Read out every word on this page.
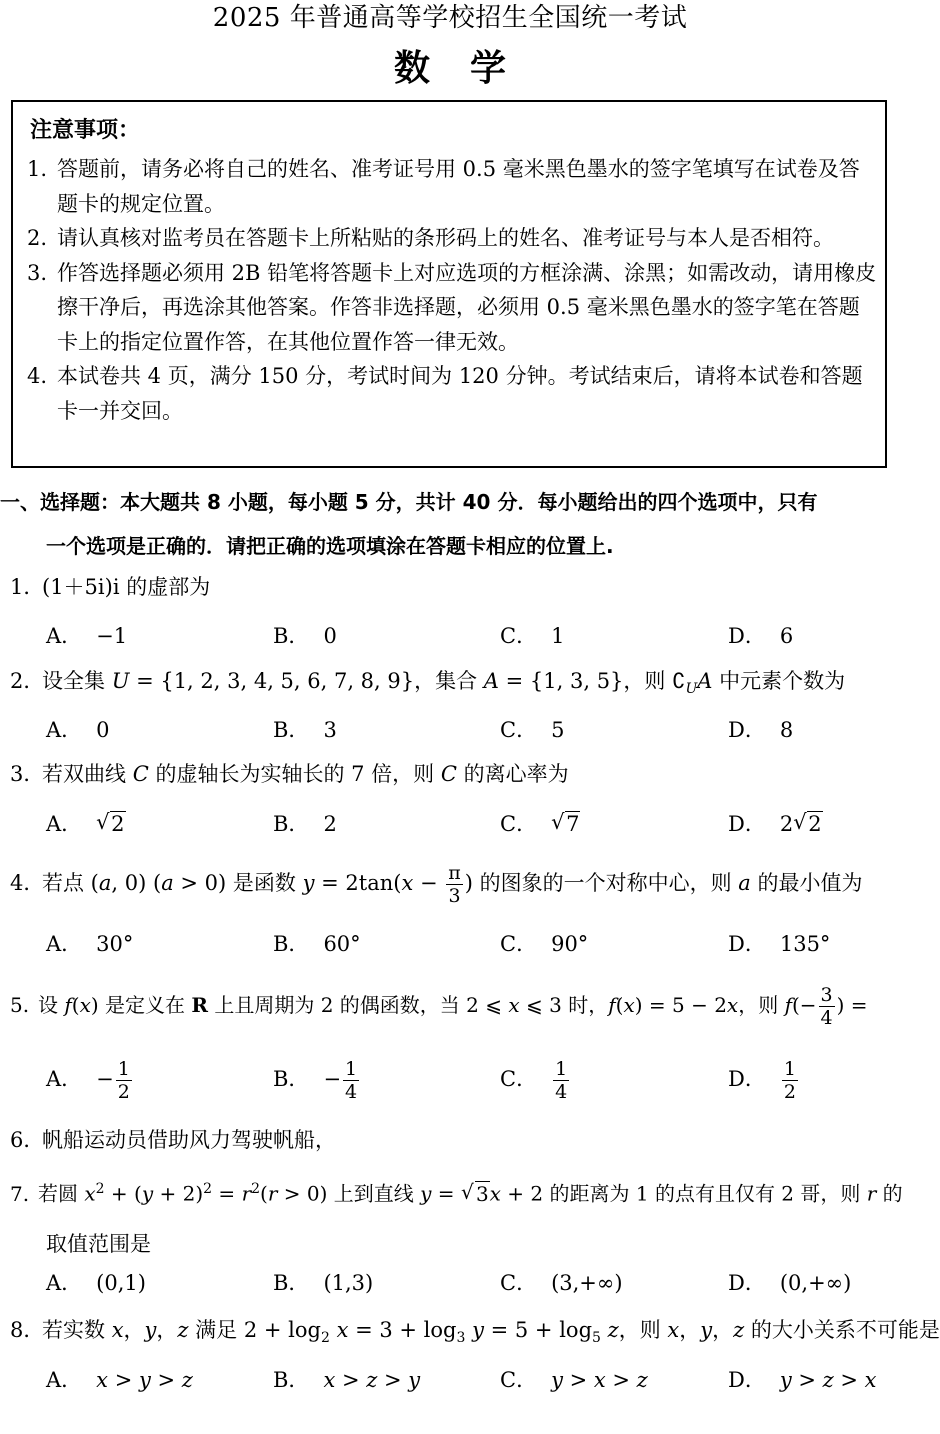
2025 年普通高等学校招生全国统一考试
数学
注意事项：
1. 答题前，请务必将自己的姓名、准考证号用 0.5 毫米黑色墨水的签字笔填写在试卷及答题卡的规定位置。
2. 请认真核对监考员在答题卡上所粘贴的条形码上的姓名、准考证号与本人是否相符。
3. 作答选择题必须用 2B 铅笔将答题卡上对应选项的方框涂满、涂黑；如需改动，请用橡皮擦干净后，再选涂其他答案。作答非选择题，必须用 0.5 毫米黑色墨水的签字笔在答题卡上的指定位置作答，在其他位置作答一律无效。
4. 本试卷共 4 页，满分 150 分，考试时间为 120 分钟。考试结束后，请将本试卷和答题卡一并交回。
一、选择题：本大题共 8 小题，每小题 5 分，共计 40 分．每小题给出的四个选项中，只有
一个选项是正确的．请把正确的选项填涂在答题卡相应的位置上.
1．(1＋5i)i 的虚部为
A． −1	B． 0	C． 1	D． 6
2．设全集 U = {1, 2, 3, 4, 5, 6, 7, 8, 9}，集合 A = {1, 3, 5}，则 $∁_UA$ 中元素个数为
A． 0	B． 3	C． 5	D． 8
3．若双曲线 C 的虚轴长为实轴长的 7 倍，则 C 的离心率为
A． √ 2	B． 2	C． √ 7	D． 2 √ 2
4．若点 (a, 0) (a > 0) 是函数 $y = 2\tan(x - \frac{\pi}{3}$ ) 的图象的一个对称中心，则 a 的最小值为
A． 30°	B． 60°	C． 90°	D． 135°
5.设 f(x) 是定义在 R 上且周期为 2 的偶函数，当 2 ⩽ x ⩽ 3 时，f(x) = 5 − 2x，则 $f(- \frac{3}{4}$ ) =
A． − $\frac{1}{2}$	B． − $\frac{1}{4}$	C． $\frac{1}{4}$	D． $\frac{1}{2}$
6．帆船运动员借助风力驾驶帆船，
7.若圆 $x^2 + (y + 2)^2 = r^2(r > 0)$ 上到直线 y = √ 3x + 2 的距离为 1 的点有且仅有 2 哥，则 r 的
取值范围是
A． (0,1)	B． (1,3)	C． (3,+∞)	D． (0,+∞)
8．若实数 x，y，z 满足 $2 + \log_2 x = 3 + \log_3 y = 5 + \log_5 z$，则 x，y，z 的大小关系不可能是
A． x > y > z	B． x > z > y	C． y > x > z	D． y > z > x
